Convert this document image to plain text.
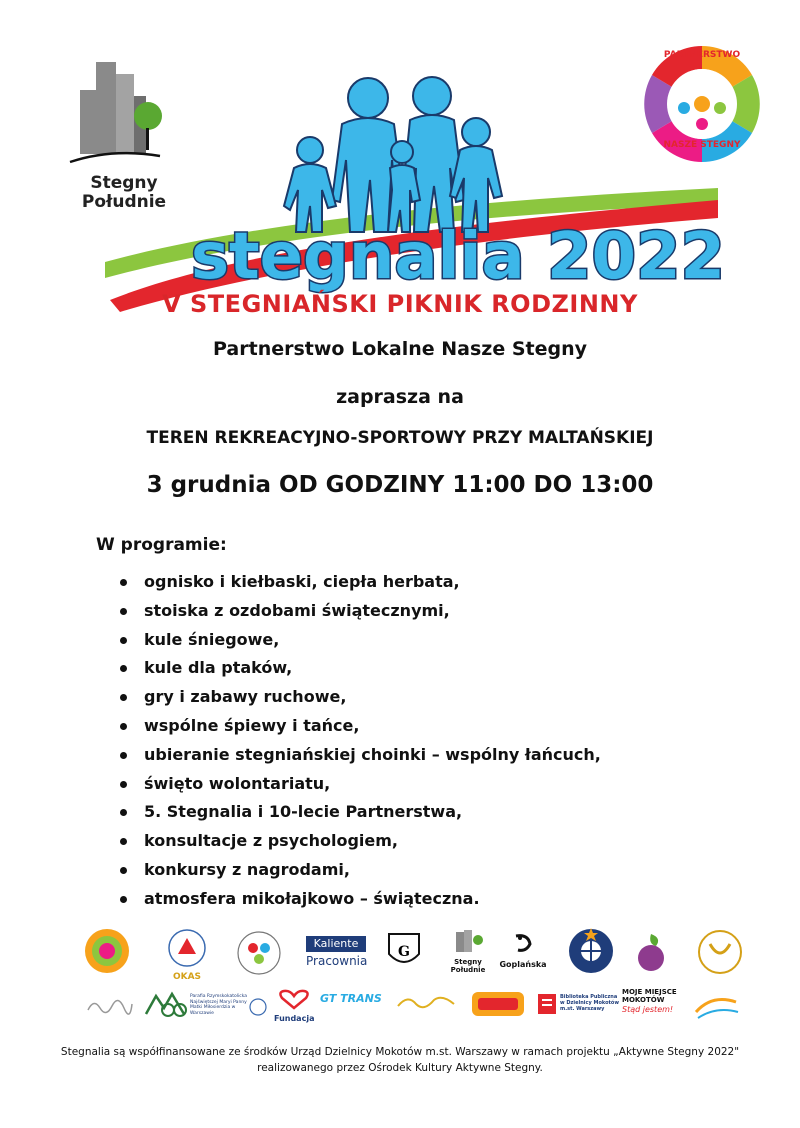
stegnalia 2022
Stegny
Południe
PARTNERSTWO
NASZE STEGNY
V STEGNIAŃSKI PIKNIK RODZINNY
Partnerstwo Lokalne Nasze Stegny
zaprasza na
TEREN REKREACYJNO-SPORTOWY PRZY MALTAŃSKIEJ
3 grudnia OD GODZINY 11:00 DO 13:00
W programie:
ognisko i kiełbaski, ciepła herbata,
stoiska z ozdobami świątecznymi,
kule śniegowe,
kule dla ptaków,
gry i zabawy ruchowe,
wspólne śpiewy i tańce,
ubieranie stegniańskiej choinki – wspólny łańcuch,
święto wolontariatu,
5. Stegnalia i 10-lecie Partnerstwa,
konsultacje z psychologiem,
konkursy z nagrodami,
atmosfera mikołajkowo – świąteczna.
OKAS
Kaliente
Pracownia
G
Stegny
Południe
Goplańska
Parafia Rzymskokatolicka Najświętszej Maryi Panny Matki Miłosierdzia w Warszawie
Fundacja
GT TRANS	Biblioteka Publiczna w Dzielnicy Mokotów m.st. Warszawy
MOJE MIEJSCE
MOKOTÓW
Stąd jestem!
Stegnalia są współfinansowane ze środków Urząd Dzielnicy Mokotów m.st. Warszawy w ramach projektu „Aktywne Stegny 2022"
realizowanego przez Ośrodek Kultury Aktywne Stegny.
